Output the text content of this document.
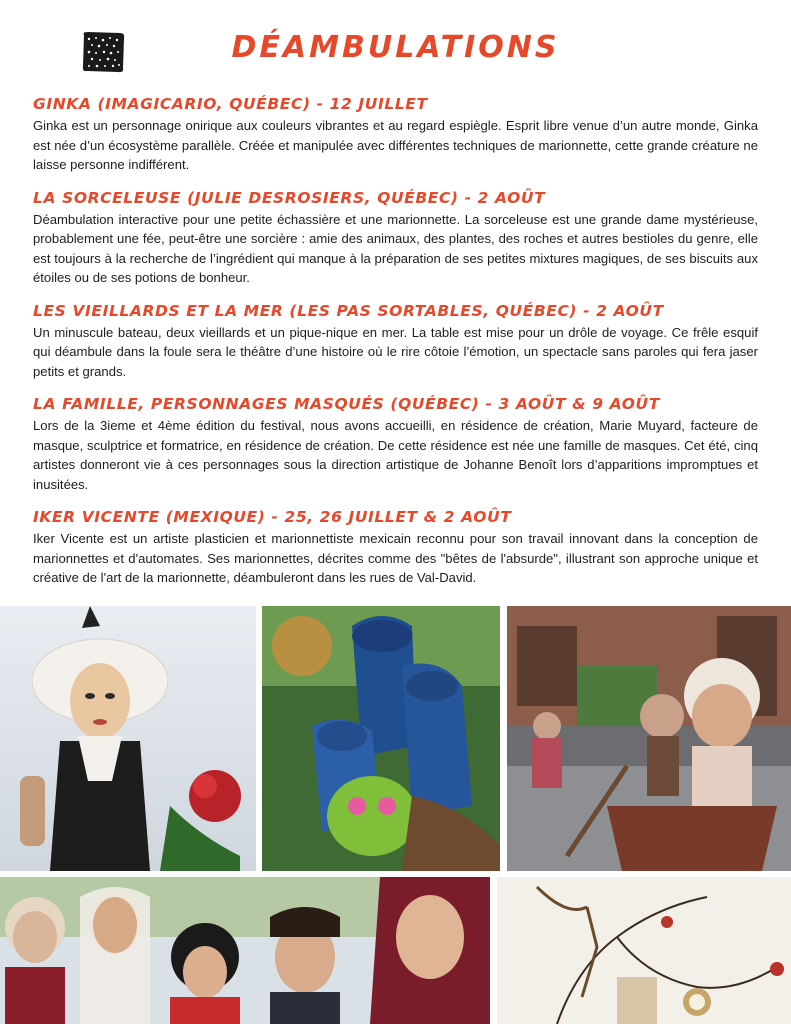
DÉAMBULATIONS
GINKA (IMAGICARIO, QUÉBEC) - 12 JUILLET

Ginka est un personnage onirique aux couleurs vibrantes et au regard espiègle. Esprit libre venue d’un autre monde, Ginka est née d’un écosystème parallèle. Créée et manipulée avec différentes techniques de marionnette, cette grande créature ne laisse personne indifférent.

LA SORCELEUSE (JULIE DESROSIERS, QUÉBEC) - 2 AOÛT

Déambulation interactive pour une petite échassière et une marionnette. La sorceleuse est une grande dame mystérieuse, probablement une fée, peut-être une sorcière : amie des animaux, des plantes, des roches et autres bestioles du genre, elle est toujours à la recherche de l’ingrédient qui manque à la préparation de ses petites mixtures magiques, de ses biscuits aux étoiles ou de ses potions de bonheur.

LES VIEILLARDS ET LA MER (LES PAS SORTABLES, QUÉBEC) - 2 AOÛT

Un minuscule bateau, deux vieillards et un pique-nique en mer. La table est mise pour un drôle de voyage. Ce frêle esquif qui déambule dans la foule sera le théâtre d’une histoire où le rire côtoie l’émotion, un spectacle sans paroles qui fera jaser petits et grands.

LA FAMILLE, PERSONNAGES MASQUÉS (QUÉBEC) - 3 AOÛT & 9 AOÛT

Lors de la 3ieme et 4ème édition du festival, nous avons accueilli, en résidence de création, Marie Muyard, facteure de masque, sculptrice et formatrice, en résidence de création. De cette résidence est née une famille de masques. Cet été, cinq artistes donneront vie à ces personnages sous la direction artistique de Johanne Benoît lors d’apparitions impromptues et inusitées.

IKER VICENTE (MEXIQUE) - 25, 26 JUILLET & 2 AOÛT

Iker Vicente est un artiste plasticien et marionnettiste mexicain reconnu pour son travail innovant dans la conception de marionnettes et d'automates. Ses marionnettes, décrites comme des "bêtes de l'absurde", illustrant son approche unique et créative de l'art de la marionnette, déambuleront dans les rues de Val-David.
